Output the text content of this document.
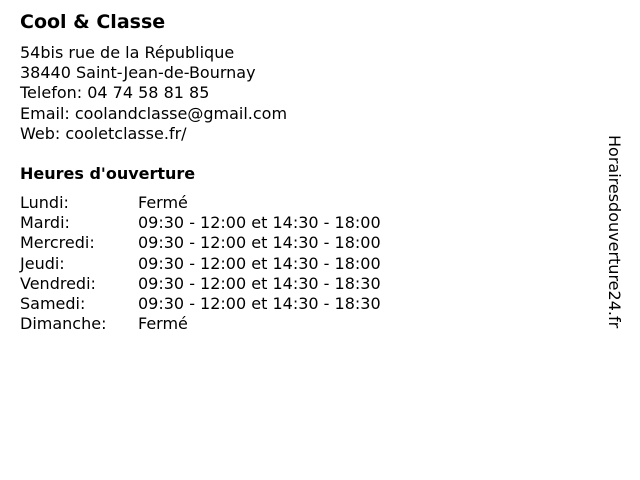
Cool & Classe
54bis rue de la République
38440 Saint-Jean-de-Bournay
Telefon: 04 74 58 81 85
Email: coolandclasse@gmail.com
Web: cooletclasse.fr/
Heures d'ouverture
Lundi:	Fermé
Mardi:	09:30 - 12:00 et 14:30 - 18:00
Mercredi:	09:30 - 12:00 et 14:30 - 18:00
Jeudi:	09:30 - 12:00 et 14:30 - 18:00
Vendredi:	09:30 - 12:00 et 14:30 - 18:30
Samedi:	09:30 - 12:00 et 14:30 - 18:30
Dimanche:	Fermé	Horairesdouverture24.fr
